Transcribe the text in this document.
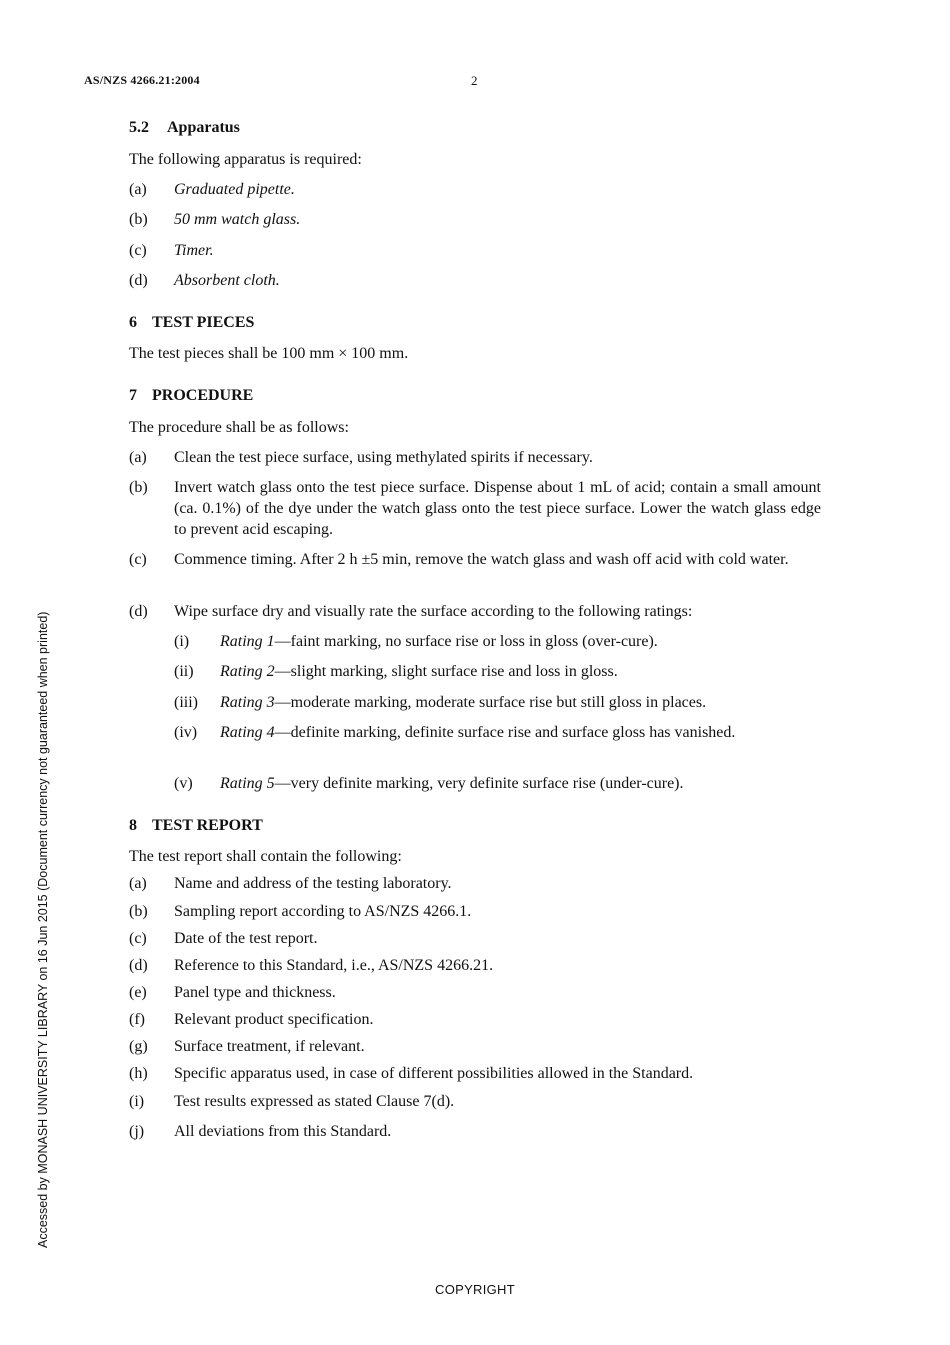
AS/NZS 4266.21:2004	2
Accessed by MONASH UNIVERSITY LIBRARY on 16 Jun 2015 (Document currency not guaranteed when printed)
5.2 Apparatus
The following apparatus is required:
(a) Graduated pipette.
(b) 50 mm watch glass.
(c) Timer.
(d) Absorbent cloth.
6 TEST PIECES
The test pieces shall be 100 mm × 100 mm.
7 PROCEDURE
The procedure shall be as follows:
(a) Clean the test piece surface, using methylated spirits if necessary.
(b) Invert watch glass onto the test piece surface. Dispense about 1 mL of acid; contain a small amount (ca. 0.1%) of the dye under the watch glass onto the test piece surface. Lower the watch glass edge to prevent acid escaping.
(c) Commence timing. After 2 h ±5 min, remove the watch glass and wash off acid with cold water.
(d) Wipe surface dry and visually rate the surface according to the following ratings:
(i) Rating 1—faint marking, no surface rise or loss in gloss (over-cure).
(ii) Rating 2—slight marking, slight surface rise and loss in gloss.
(iii) Rating 3—moderate marking, moderate surface rise but still gloss in places.
(iv) Rating 4—definite marking, definite surface rise and surface gloss has vanished.
(v) Rating 5—very definite marking, very definite surface rise (under-cure).
8 TEST REPORT
The test report shall contain the following:
(a) Name and address of the testing laboratory.
(b) Sampling report according to AS/NZS 4266.1.
(c) Date of the test report.
(d) Reference to this Standard, i.e., AS/NZS 4266.21.
(e) Panel type and thickness.
(f) Relevant product specification.
(g) Surface treatment, if relevant.
(h) Specific apparatus used, in case of different possibilities allowed in the Standard.
(i) Test results expressed as stated Clause 7(d).
(j) All deviations from this Standard.
COPYRIGHT
